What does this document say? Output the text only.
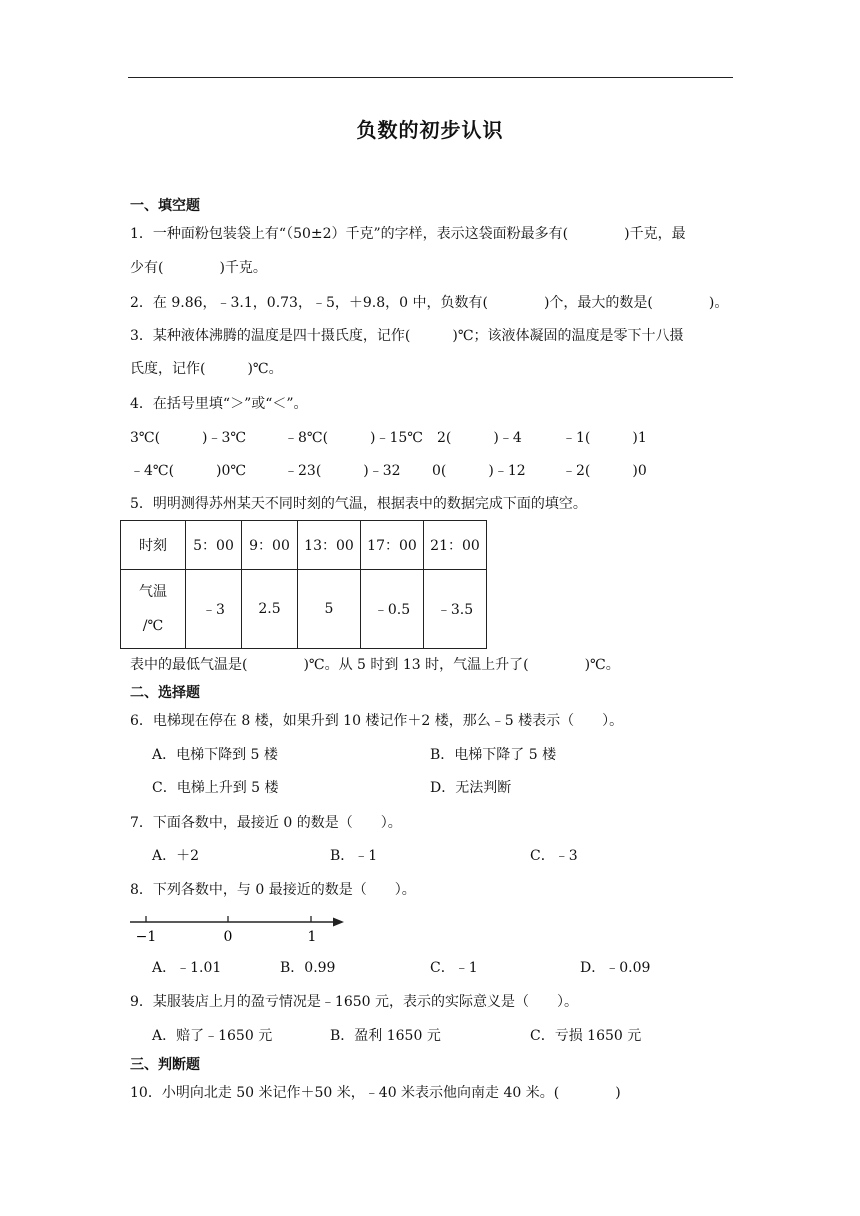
负数的初步认识
一、填空题
1．一种面粉包装袋上有“（50±2）千克”的字样，表示这袋面粉最多有(　　　　)千克，最
少有(　　　　)千克。
2．在 9.86，﹣3.1，0.73，﹣5，＋9.8，0 中，负数有(　　　　)个，最大的数是(　　　　)。
3．某种液体沸腾的温度是四十摄氏度，记作(　　　)℃；该液体凝固的温度是零下十八摄
氏度，记作(　　　)℃。
4．在括号里填“＞”或“＜”。
3℃(　　　)﹣3℃	﹣8℃(　　　)﹣15℃ 2(　　　)﹣4	﹣1(　　　)1
﹣4℃(　　　)0℃	﹣23(　　　)﹣32 0(　　　)﹣12	﹣2(　　　)0
5．明明测得苏州某天不同时刻的气温，根据表中的数据完成下面的填空。
时刻	5：00	9：00	13：00	17：00	21：00

气温
/℃	﹣3	2.5	5	﹣0.5	﹣3.5
表中的最低气温是(　　　　)℃。从 5 时到 13 时，气温上升了(　　　　)℃。
二、选择题
6．电梯现在停在 8 楼，如果升到 10 楼记作＋2 楼，那么﹣5 楼表示（　　）。
A．电梯下降到 5 楼	B．电梯下降了 5 楼
C．电梯上升到 5 楼	D．无法判断
7．下面各数中，最接近 0 的数是（　　）。
A．＋2	B．﹣1	C．﹣3
8．下列各数中，与 0 最接近的数是（　　）。
−1	0	1
A．﹣1.01	B．0.99	C．﹣1	D．﹣0.09
9．某服装店上月的盈亏情况是﹣1650 元，表示的实际意义是（　　）。
A．赔了﹣1650 元	B．盈利 1650 元	C．亏损 1650 元
三、判断题
10．小明向北走 50 米记作＋50 米，﹣40 米表示他向南走 40 米。(　　　　)
